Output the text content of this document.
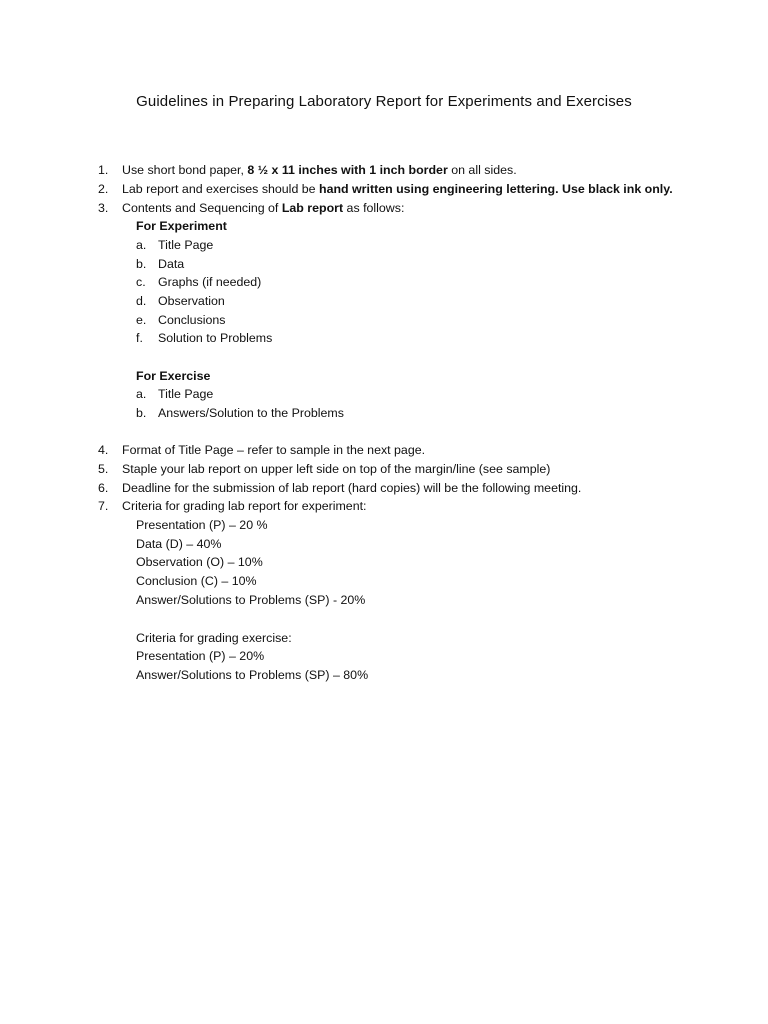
Guidelines in Preparing Laboratory Report for Experiments and Exercises
1. Use short bond paper, 8 ½ x 11 inches with 1 inch border on all sides.
2. Lab report and exercises should be hand written using engineering lettering. Use black ink only.
3. Contents and Sequencing of Lab report as follows:
For Experiment
a. Title Page
b. Data
c. Graphs (if needed)
d. Observation
e. Conclusions
f. Solution to Problems
For Exercise
a. Title Page
b. Answers/Solution to the Problems
4. Format of Title Page – refer to sample in the next page.
5. Staple your lab report on upper left side on top of the margin/line (see sample)
6. Deadline for the submission of lab report (hard copies) will be the following meeting.
7. Criteria for grading lab report for experiment:
Presentation (P) – 20 %
Data (D) – 40%
Observation (O) – 10%
Conclusion (C) – 10%
Answer/Solutions to Problems (SP) - 20%
Criteria for grading exercise:
Presentation (P) – 20%
Answer/Solutions to Problems (SP) – 80%
